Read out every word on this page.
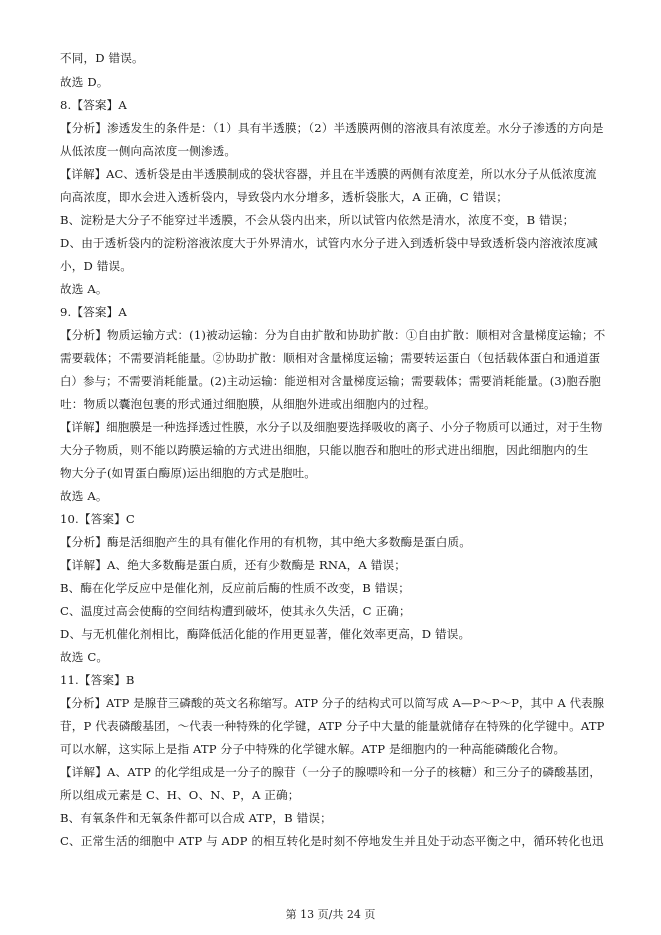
不同，D 错误。
故选 D。
8.【答案】A
【分析】渗透发生的条件是：（1）具有半透膜；（2）半透膜两侧的溶液具有浓度差。水分子渗透的方向是
从低浓度一侧向高浓度一侧渗透。
【详解】AC、透析袋是由半透膜制成的袋状容器，并且在半透膜的两侧有浓度差，所以水分子从低浓度流
向高浓度，即水会进入透析袋内，导致袋内水分增多，透析袋胀大，A 正确，C 错误；
B、淀粉是大分子不能穿过半透膜，不会从袋内出来，所以试管内依然是清水，浓度不变，B 错误；
D、由于透析袋内的淀粉溶液浓度大于外界清水，试管内水分子进入到透析袋中导致透析袋内溶液浓度减
小，D 错误。
故选 A。
9.【答案】A
【分析】物质运输方式：(1)被动运输：分为自由扩散和协助扩散：①自由扩散：顺相对含量梯度运输；不
需要载体；不需要消耗能量。②协助扩散：顺相对含量梯度运输；需要转运蛋白（包括载体蛋白和通道蛋
白）参与；不需要消耗能量。(2)主动运输：能逆相对含量梯度运输；需要载体；需要消耗能量。(3)胞吞胞
吐：物质以囊泡包裹的形式通过细胞膜，从细胞外进或出细胞内的过程。
【详解】细胞膜是一种选择透过性膜，水分子以及细胞要选择吸收的离子、小分子物质可以通过，对于生物
大分子物质，则不能以跨膜运输的方式进出细胞，只能以胞吞和胞吐的形式进出细胞，因此细胞内的生
物大分子(如胃蛋白酶原)运出细胞的方式是胞吐。
故选 A。
10.【答案】C
【分析】酶是活细胞产生的具有催化作用的有机物，其中绝大多数酶是蛋白质。
【详解】A、绝大多数酶是蛋白质，还有少数酶是 RNA，A 错误；
B、酶在化学反应中是催化剂，反应前后酶的性质不改变，B 错误；
C、温度过高会使酶的空间结构遭到破坏，使其永久失活，C 正确；
D、与无机催化剂相比，酶降低活化能的作用更显著，催化效率更高，D 错误。
故选 C。
11.【答案】B
【分析】ATP 是腺苷三磷酸的英文名称缩写。ATP 分子的结构式可以简写成 A—P～P～P，其中 A 代表腺
苷，P 代表磷酸基团，～代表一种特殊的化学键，ATP 分子中大量的能量就储存在特殊的化学键中。ATP
可以水解，这实际上是指 ATP 分子中特殊的化学键水解。ATP 是细胞内的一种高能磷酸化合物。
【详解】A、ATP 的化学组成是一分子的腺苷（一分子的腺嘌呤和一分子的核糖）和三分子的磷酸基团，
所以组成元素是 C、H、O、N、P，A 正确；
B、有氧条件和无氧条件都可以合成 ATP，B 错误；
C、正常生活的细胞中 ATP 与 ADP 的相互转化是时刻不停地发生并且处于动态平衡之中，循环转化也迅
第 13 页/共 24 页
